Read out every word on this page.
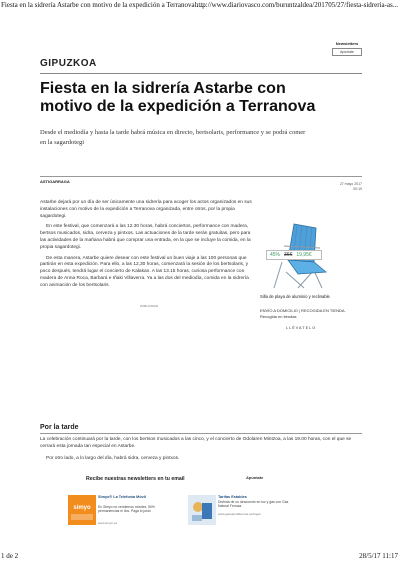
Fiesta en la sidrería Astarbe con motivo de la expedición a Terranova . ...
http://www.diariovasco.com/buruntzaldea/201705/27/fiesta-sidreria-as...
Newsletters
Apúntate
GIPUZKOA
Fiesta en la sidrería Astarbe con motivo de la expedición a Terranova
Desde el mediodía y hasta la tarde habrá música en directo, bertsolaris, performance y se podrá comer en la sagardotegi
ASTIGARRAGA	27 mayo 2017
00:19

Astarbe dejará por un día de ser únicamente una sidrería para acoger los actos organizados en sus instalaciones con motivo de la expedición a Terranova organizada, entre otros, por la propia sagardotegi.

En este festival, que comenzará a las 12.30 horas, habrá conciertos, performance con madera, bertsos musicados, sidra, cerveza y pintxos. Las actuaciones de la tarde serán gratuitas, pero para las actividades de la mañana habrá que comprar una entrada, en la que se incluye la comida, en la propia sagardotegi.

De esta manera, Astarbe quiere desear con este festival un buen viaje a las 100 personas que partirán en esta expedición. Para ello, a las 12,30 horas, comenzará la sesión de los bertsolaris, y poco después, tendrá lugar el concierto de Kalakan. A las 13.15 horas, curiosa performance con madera de Anna Roca, Barbará e Iñaki Villaverra. Ya a las dos del mediodía, comida en la sidrería con animación de los bertsolaris.

PUBLICIDAD
45% 36€ 19,95€
Silla de playa de aluminio y reclinable
ENVÍO A DOMICILIO | RECOGIDA EN TIENDA. Recogida en tiendas
LLÉVATELO
Por la tarde
La celebración continuará por la tarde, con los bertsos musicados a las cinco, y el concierto de Odolaren Mintzoa, a las 19.00 horas, con el que se cerrará esta jornada tan especial en Astarbe.
Por otro lado, a lo largo del día, habrá sidra, cerveza y pintxos.
Recibe nuestras newsletters en tu email	Apúntate
simyo
Simyo® La Telefonía Móvil
En Simyo no vendemos móviles, 50% permanencias ni líos. Paga lo justo
www.simyo.es
Tarifas Estables
Disfruta de un descuento en luz y gas con Gas Natural Fenosa.
www.gasnaturalfenosa.es/hogar
1 de 2	28/5/17 11:17
